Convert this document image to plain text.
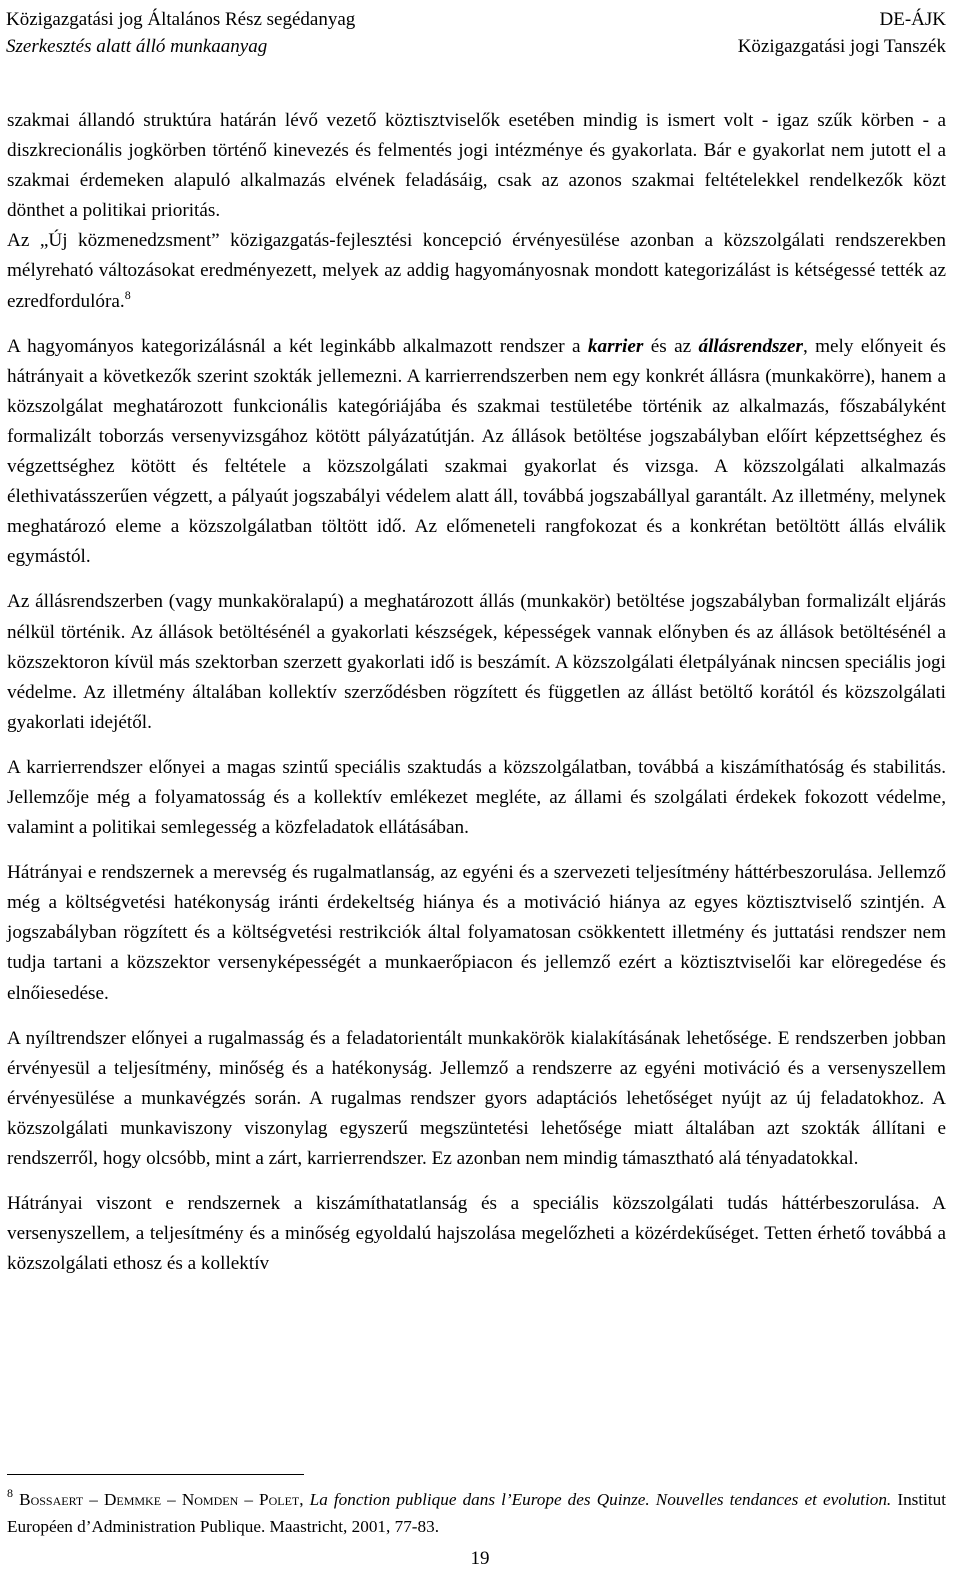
Közigazgatási jog Általános Rész segédanyag	DE-ÁJK
Szerkesztés alatt álló munkaanyag	Közigazgatási jogi Tanszék

szakmai állandó struktúra határán lévő vezető köztisztviselők esetében mindig is ismert volt - igaz szűk körben - a diszkrecionális jogkörben történő kinevezés és felmentés jogi intézménye és gyakorlata. Bár e gyakorlat nem jutott el a szakmai érdemeken alapuló alkalmazás elvének feladásáig, csak az azonos szakmai feltételekkel rendelkezők közt dönthet a politikai prioritás.

Az „Új közmenedzsment” közigazgatás-fejlesztési koncepció érvényesülése azonban a közszolgálati rendszerekben mélyreható változásokat eredményezett, melyek az addig hagyományosnak mondott kategorizálást is kétségessé tették az ezredfordulóra.$^8$

A hagyományos kategorizálásnál a két leginkább alkalmazott rendszer a karrier és az állásrendszer, mely előnyeit és hátrányait a következők szerint szokták jellemezni. A karrierrendszerben nem egy konkrét állásra (munkakörre), hanem a közszolgálat meghatározott funkcionális kategóriájába és szakmai testületébe történik az alkalmazás, főszabályként formalizált toborzás versenyvizsgához kötött pályázatútján. Az állások betöltése jogszabályban előírt képzettséghez és végzettséghez kötött és feltétele a közszolgálati szakmai gyakorlat és vizsga. A közszolgálati alkalmazás élethivatásszerűen végzett, a pályaút jogszabályi védelem alatt áll, továbbá jogszabállyal garantált. Az illetmény, melynek meghatározó eleme a közszolgálatban töltött idő. Az előmeneteli rangfokozat és a konkrétan betöltött állás elválik egymástól.

Az állásrendszerben (vagy munkaköralapú) a meghatározott állás (munkakör) betöltése jogszabályban formalizált eljárás nélkül történik. Az állások betöltésénél a gyakorlati készségek, képességek vannak előnyben és az állások betöltésénél a közszektoron kívül más szektorban szerzett gyakorlati idő is beszámít. A közszolgálati életpályának nincsen speciális jogi védelme. Az illetmény általában kollektív szerződésben rögzített és független az állást betöltő korától és közszolgálati gyakorlati idejétől.

A karrierrendszer előnyei a magas szintű speciális szaktudás a közszolgálatban, továbbá a kiszámíthatóság és stabilitás. Jellemzője még a folyamatosság és a kollektív emlékezet megléte, az állami és szolgálati érdekek fokozott védelme, valamint a politikai semlegesség a közfeladatok ellátásában.

Hátrányai e rendszernek a merevség és rugalmatlanság, az egyéni és a szervezeti teljesítmény háttérbeszorulása. Jellemző még a költségvetési hatékonyság iránti érdekeltség hiánya és a motiváció hiánya az egyes köztisztviselő szintjén. A jogszabályban rögzített és a költségvetési restrikciók által folyamatosan csökkentett illetmény és juttatási rendszer nem tudja tartani a közszektor versenyképességét a munkaerőpiacon és jellemző ezért a köztisztviselői kar elöregedése és elnőiesedése.

A nyíltrendszer előnyei a rugalmasság és a feladatorientált munkakörök kialakításának lehetősége. E rendszerben jobban érvényesül a teljesítmény, minőség és a hatékonyság. Jellemző a rendszerre az egyéni motiváció és a versenyszellem érvényesülése a munkavégzés során. A rugalmas rendszer gyors adaptációs lehetőséget nyújt az új feladatokhoz. A közszolgálati munkaviszony viszonylag egyszerű megszüntetési lehetősége miatt általában azt szokták állítani e rendszerről, hogy olcsóbb, mint a zárt, karrierrendszer. Ez azonban nem mindig támasztható alá tényadatokkal.

Hátrányai viszont e rendszernek a kiszámíthatatlanság és a speciális közszolgálati tudás háttérbeszorulása. A versenyszellem, a teljesítmény és a minőség egyoldalú hajszolása megelőzheti a közérdekűséget. Tetten érhető továbbá a közszolgálati ethosz és a kollektív

$^8$ Bossaert – Demmke – Nomden – Polet, La fonction publique dans l’Europe des Quinze. Nouvelles tendances et evolution. Institut Européen d’Administration Publique. Maastricht, 2001, 77-83.
19
